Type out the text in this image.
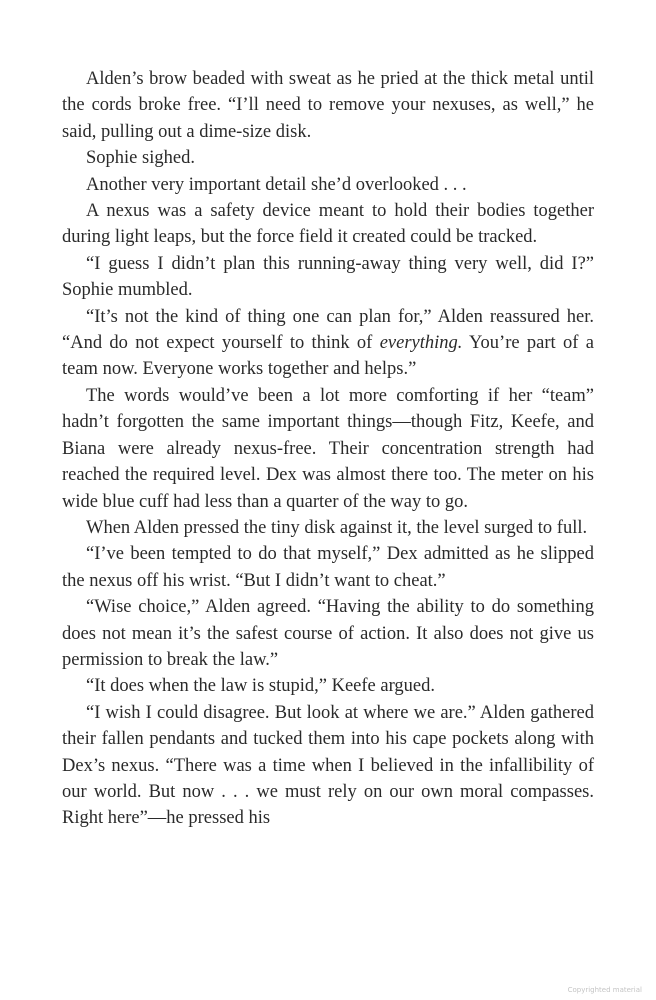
Alden’s brow beaded with sweat as he pried at the thick metal until the cords broke free. “I’ll need to remove your nexuses, as well,” he said, pulling out a dime-size disk.

Sophie sighed.

Another very important detail she’d overlooked . . .

A nexus was a safety device meant to hold their bodies together during light leaps, but the force field it created could be tracked.

“I guess I didn’t plan this running-away thing very well, did I?” Sophie mumbled.

“It’s not the kind of thing one can plan for,” Alden reassured her. “And do not expect yourself to think of everything. You’re part of a team now. Everyone works together and helps.”

The words would’ve been a lot more comforting if her “team” hadn’t forgotten the same important things—though Fitz, Keefe, and Biana were already nexus-free. Their concentration strength had reached the required level. Dex was almost there too. The meter on his wide blue cuff had less than a quarter of the way to go.

When Alden pressed the tiny disk against it, the level surged to full.

“I’ve been tempted to do that myself,” Dex admitted as he slipped the nexus off his wrist. “But I didn’t want to cheat.”

“Wise choice,” Alden agreed. “Having the ability to do something does not mean it’s the safest course of action. It also does not give us permission to break the law.”

“It does when the law is stupid,” Keefe argued.

“I wish I could disagree. But look at where we are.” Alden gathered their fallen pendants and tucked them into his cape pockets along with Dex’s nexus. “There was a time when I believed in the infallibility of our world. But now . . . we must rely on our own moral compasses. Right here”—he pressed his

Copyrighted material
